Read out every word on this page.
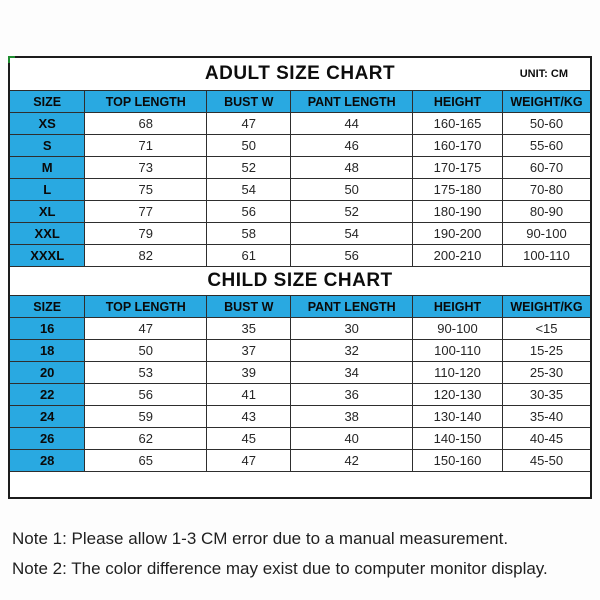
ADULT SIZE CHART	UNIT: CM
SIZE	TOP LENGTH	BUST W	PANT LENGTH	HEIGHT	WEIGHT/KG
XS	68	47	44	160-165	50-60
S	71	50	46	160-170	55-60
M	73	52	48	170-175	60-70
L	75	54	50	175-180	70-80
XL	77	56	52	180-190	80-90
XXL	79	58	54	190-200	90-100
XXXL	82	61	56	200-210	100-110
CHILD SIZE CHART
SIZE	TOP LENGTH	BUST W	PANT LENGTH	HEIGHT	WEIGHT/KG
16	47	35	30	90-100	<15
18	50	37	32	100-110	15-25
20	53	39	34	110-120	25-30
22	56	41	36	120-130	30-35
24	59	43	38	130-140	35-40
26	62	45	40	140-150	40-45
28	65	47	42	150-160	45-50
Note 1: Please allow 1-3 CM error due to a manual measurement.
Note 2: The color difference may exist due to computer monitor display.
